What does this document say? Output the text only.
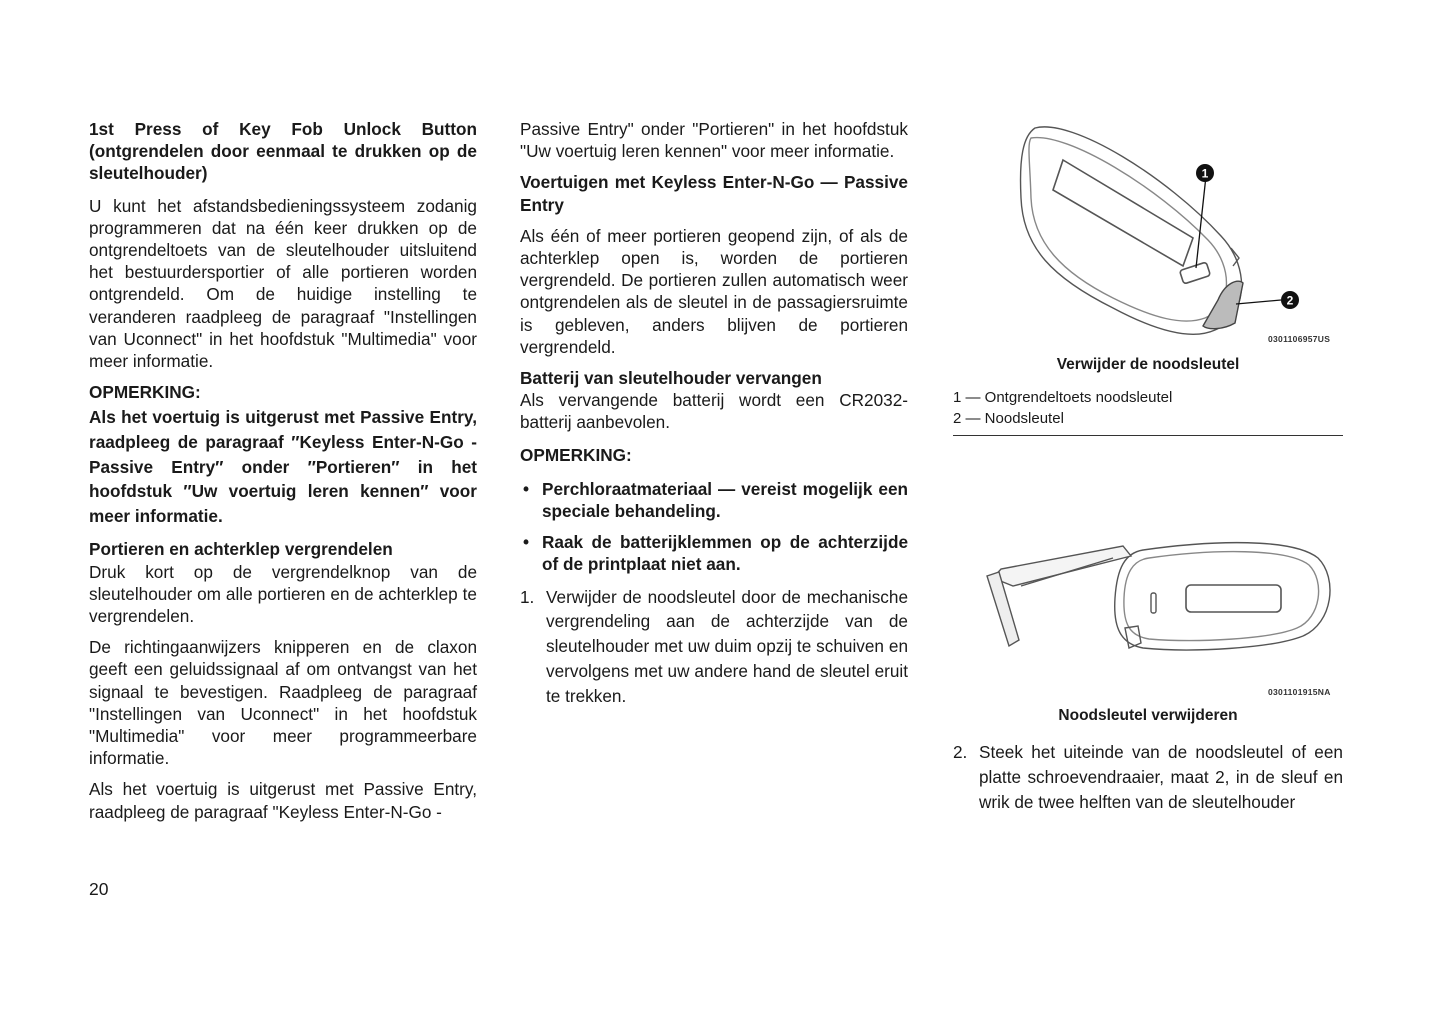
1st Press of Key Fob Unlock Button (ontgrendelen door eenmaal te drukken op de sleutelhouder)

U kunt het afstandsbedieningssysteem zodanig programmeren dat na één keer drukken op de ontgrendeltoets van de sleutelhouder uitsluitend het bestuurdersportier of alle portieren worden ontgrendeld. Om de huidige instelling te veranderen raadpleeg de paragraaf "Instellingen van Uconnect" in het hoofdstuk "Multimedia" voor meer informatie.

OPMERKING:

Als het voertuig is uitgerust met Passive Entry, raadpleeg de paragraaf ″Keyless Enter-N-Go - Passive Entry″ onder ″Portieren″ in het hoofdstuk ″Uw voertuig leren kennen″ voor meer informatie.

Portieren en achterklep vergrendelen

Druk kort op de vergrendelknop van de sleutelhouder om alle portieren en de achterklep te vergrendelen.

De richtingaanwijzers knipperen en de claxon geeft een geluidssignaal af om ontvangst van het signaal te bevestigen. Raadpleeg de paragraaf "Instellingen van Uconnect" in het hoofdstuk "Multimedia" voor meer programmeerbare informatie.

Als het voertuig is uitgerust met Passive Entry, raadpleeg de paragraaf "Keyless Enter-N-Go -

Passive Entry" onder "Portieren" in het hoofdstuk "Uw voertuig leren kennen" voor meer informatie.

Voertuigen met Keyless Enter-N-Go — Passive Entry

Als één of meer portieren geopend zijn, of als de achterklep open is, worden de portieren vergrendeld. De portieren zullen automatisch weer ontgrendelen als de sleutel in de passagiersruimte is gebleven, anders blijven de portieren vergrendeld.

Batterij van sleutelhouder vervangen

Als vervangende batterij wordt een CR2032-batterij aanbevolen.

OPMERKING:

• Perchloraatmateriaal — vereist mogelijk een speciale behandeling.
• Raak de batterijklemmen op de achterzijde of de printplaat niet aan.
1. Verwijder de noodsleutel door de mechanische vergrendeling aan de achterzijde van de sleutelhouder met uw duim opzij te schuiven en vervolgens met uw andere hand de sleutel eruit te trekken.
1
2
0301106957US
Verwijder de noodsleutel
1 — Ontgrendeltoets noodsleutel
2 — Noodsleutel
0301101915NA
Noodsleutel verwijderen
2. Steek het uiteinde van de noodsleutel of een platte schroevendraaier, maat 2, in de sleuf en wrik de twee helften van de sleutelhouder
20
